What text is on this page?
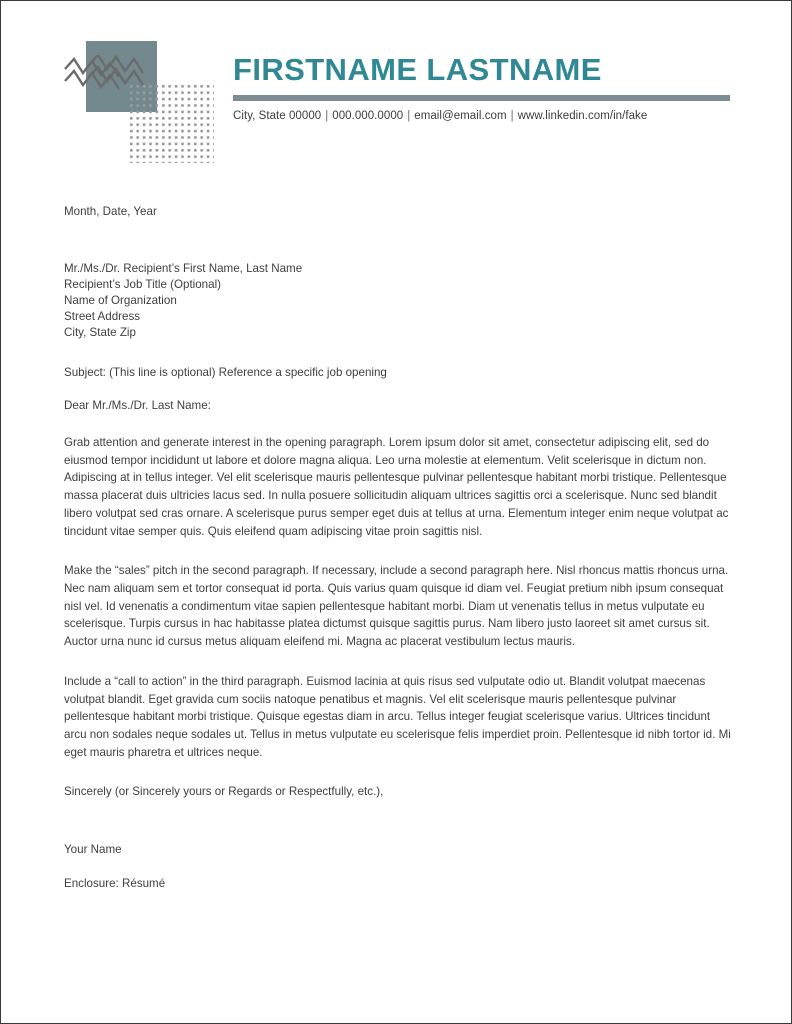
FIRSTNAME LASTNAME
City, State 00000 | 000.000.0000 | email@email.com | www.linkedin.com/in/fake
Month, Date, Year
Mr./Ms./Dr. Recipient’s First Name, Last Name
Recipient’s Job Title (Optional)
Name of Organization
Street Address
City, State Zip
Subject: (This line is optional) Reference a specific job opening
Dear Mr./Ms./Dr. Last Name:
Grab attention and generate interest in the opening paragraph. Lorem ipsum dolor sit amet, consectetur adipiscing elit, sed do eiusmod tempor incididunt ut labore et dolore magna aliqua. Leo urna molestie at elementum. Velit scelerisque in dictum non. Adipiscing at in tellus integer. Vel elit scelerisque mauris pellentesque pulvinar pellentesque habitant morbi tristique. Pellentesque massa placerat duis ultricies lacus sed. In nulla posuere sollicitudin aliquam ultrices sagittis orci a scelerisque. Nunc sed blandit libero volutpat sed cras ornare. A scelerisque purus semper eget duis at tellus at urna. Elementum integer enim neque volutpat ac tincidunt vitae semper quis. Quis eleifend quam adipiscing vitae proin sagittis nisl.
Make the “sales” pitch in the second paragraph. If necessary, include a second paragraph here. Nisl rhoncus mattis rhoncus urna. Nec nam aliquam sem et tortor consequat id porta. Quis varius quam quisque id diam vel. Feugiat pretium nibh ipsum consequat nisl vel. Id venenatis a condimentum vitae sapien pellentesque habitant morbi. Diam ut venenatis tellus in metus vulputate eu scelerisque. Turpis cursus in hac habitasse platea dictumst quisque sagittis purus. Nam libero justo laoreet sit amet cursus sit. Auctor urna nunc id cursus metus aliquam eleifend mi. Magna ac placerat vestibulum lectus mauris.
Include a “call to action” in the third paragraph. Euismod lacinia at quis risus sed vulputate odio ut. Blandit volutpat maecenas volutpat blandit. Eget gravida cum sociis natoque penatibus et magnis. Vel elit scelerisque mauris pellentesque pulvinar pellentesque habitant morbi tristique. Quisque egestas diam in arcu. Tellus integer feugiat scelerisque varius. Ultrices tincidunt arcu non sodales neque sodales ut. Tellus in metus vulputate eu scelerisque felis imperdiet proin. Pellentesque id nibh tortor id. Mi eget mauris pharetra et ultrices neque.
Sincerely (or Sincerely yours or Regards or Respectfully, etc.),
Your Name
Enclosure: Résumé
